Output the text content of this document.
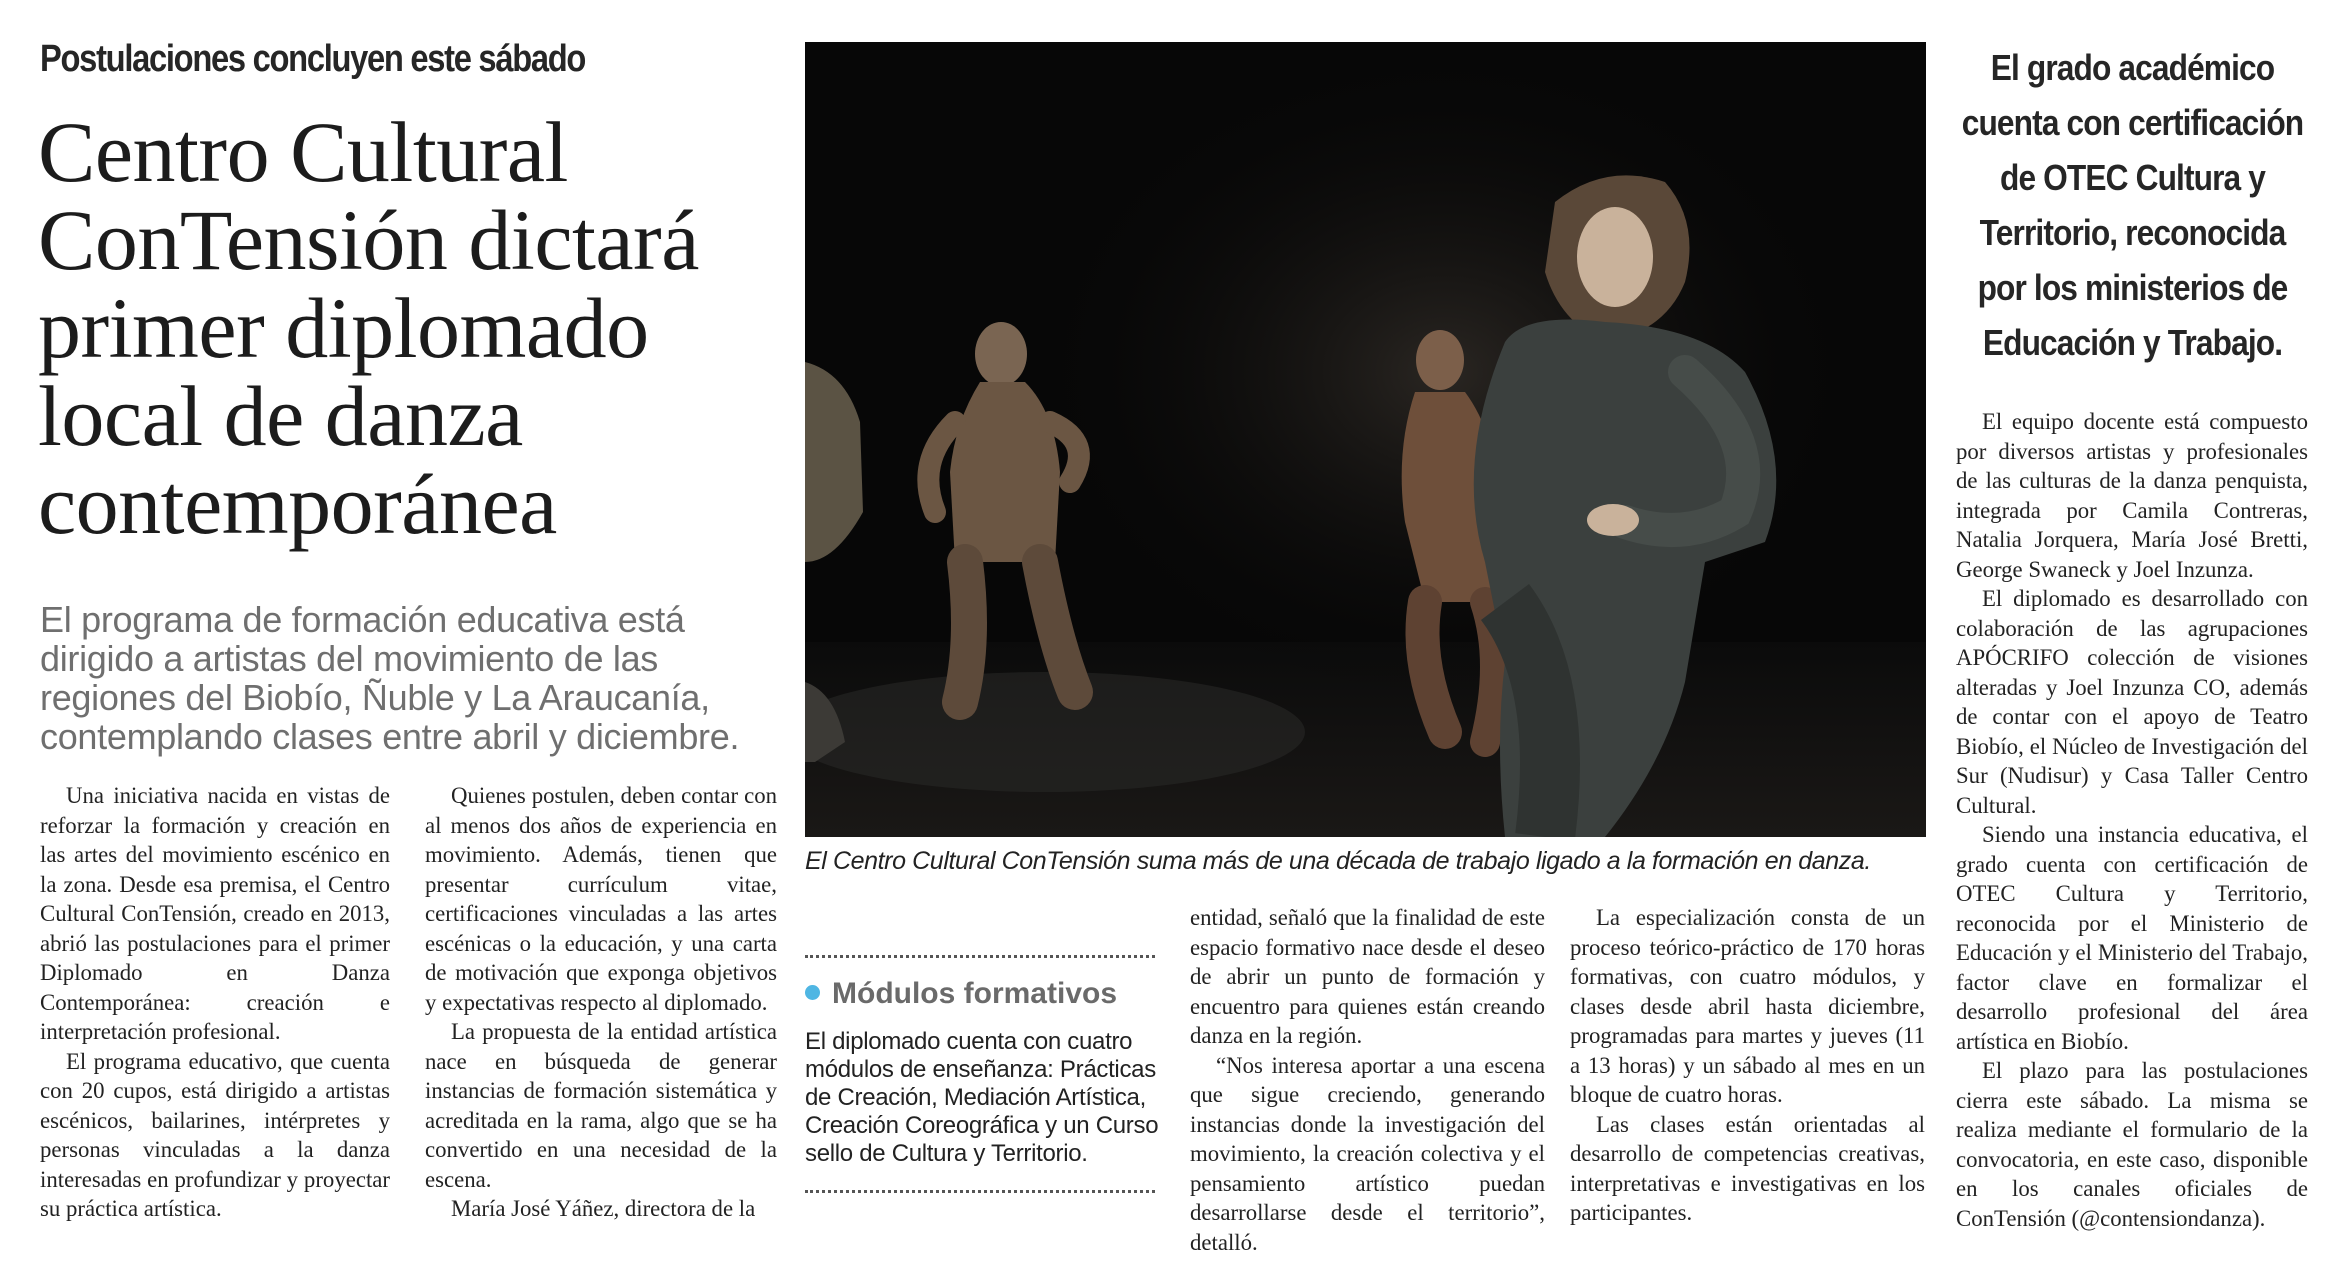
Postulaciones concluyen este sábado
Centro Cultural ConTensión dictará primer diplomado local de danza contemporánea
El programa de formación educativa está dirigido a artistas del movimiento de las regiones del Biobío, Ñuble y La Araucanía, contemplando clases entre abril y diciembre.

Una iniciativa nacida en vistas de reforzar la formación y creación en las artes del movimiento escénico en la zona. Desde esa premisa, el Centro Cultural ConTensión, creado en 2013, abrió las postulaciones para el primer Diplomado en Danza Contemporánea: creación e interpretación profesional.

El programa educativo, que cuenta con 20 cupos, está dirigido a artistas escénicos, bailarines, intérpretes y personas vinculadas a la danza interesadas en profundizar y proyectar su práctica artística.

Quienes postulen, deben contar con al menos dos años de experiencia en movimiento. Además, tienen que presentar currículum vitae, certificaciones vinculadas a las artes escénicas o la educación, y una carta de motivación que exponga objetivos y expectativas respecto al diplomado.

La propuesta de la entidad artística nace en búsqueda de generar instancias de formación sistemática y acreditada en la rama, algo que se ha convertido en una necesidad de la escena.

María José Yáñez, directora de la

El Centro Cultural ConTensión suma más de una década de trabajo ligado a la formación en danza.
Módulos formativos
El diplomado cuenta con cuatro módulos de enseñanza: Prácticas de Creación, Mediación Artística, Creación Coreográfica y un Curso sello de Cultura y Territorio.

entidad, señaló que la finalidad de este espacio formativo nace desde el deseo de abrir un punto de formación y encuentro para quienes están creando danza en la región.

“Nos interesa aportar a una escena que sigue creciendo, generando instancias donde la investigación del movimiento, la creación colectiva y el pensamiento artístico puedan desarrollarse desde el territorio”, detalló.

La especialización consta de un proceso teórico-práctico de 170 horas formativas, con cuatro módulos, y clases desde abril hasta diciembre, programadas para martes y jueves (11 a 13 horas) y un sábado al mes en un bloque de cuatro horas.

Las clases están orientadas al desarrollo de competencias creativas, interpretativas e investigativas en los participantes.

El grado académico cuenta con certificación de OTEC Cultura y Territorio, reconocida por los ministerios de Educación y Trabajo.

El equipo docente está compuesto por diversos artistas y profesionales de las culturas de la danza penquista, integrada por Camila Contreras, Natalia Jorquera, María José Bretti, George Swaneck y Joel Inzunza.

El diplomado es desarrollado con colaboración de las agrupaciones APÓCRIFO colección de visiones alteradas y Joel Inzunza CO, además de contar con el apoyo de Teatro Biobío, el Núcleo de Investigación del Sur (Nudisur) y Casa Taller Centro Cultural.

Siendo una instancia educativa, el grado cuenta con certificación de OTEC Cultura y Territorio, reconocida por el Ministerio de Educación y el Ministerio del Trabajo, factor clave en formalizar el desarrollo profesional del área artística en Biobío.

El plazo para las postulaciones cierra este sábado. La misma se realiza mediante el formulario de la convocatoria, en este caso, disponible en los canales oficiales de ConTensión (@contensiondanza).
